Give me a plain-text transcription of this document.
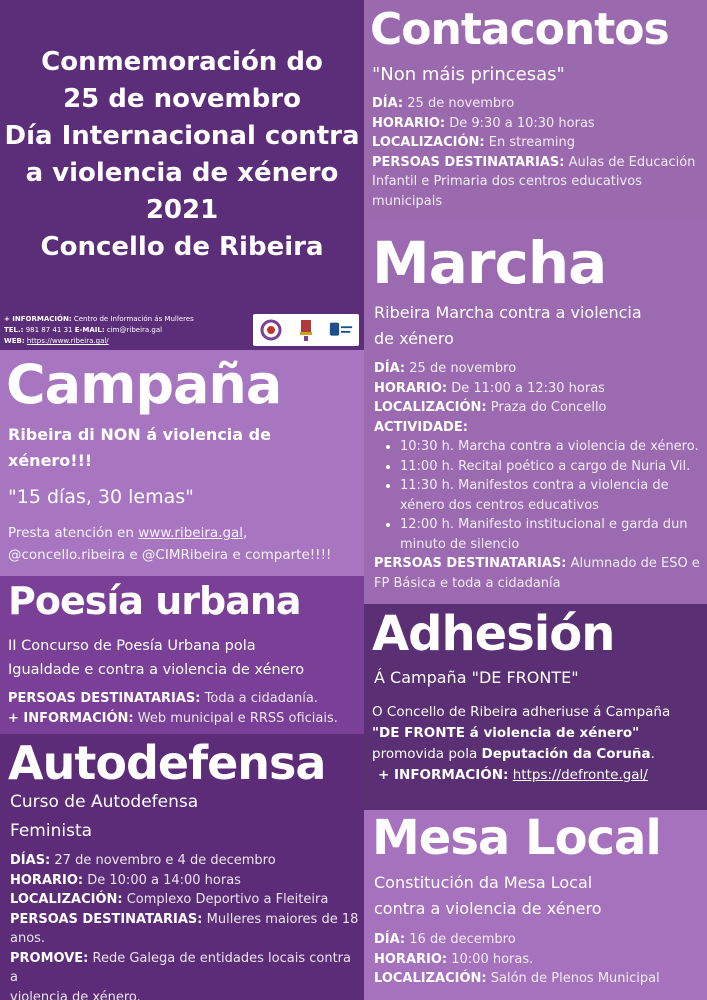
Conmemoración do
25 de novembro
Día Internacional contra
a violencia de xénero
2021
Concello de Ribeira
+ INFORMACIÓN: Centro de Información ás Mulleres
TEL.: 981 87 41 31 E-MAIL: cim@ribeira.gal
WEB: https://www.ribeira.gal/
Contacontos
"Non máis princesas"
DÍA: 25 de novembro
HORARIO: De 9:30 a 10:30 horas
LOCALIZACIÓN: En streaming
PERSOAS DESTINATARIAS: Aulas de Educación
Infantil e Primaria dos centros educativos
municipais
Marcha
Ribeira Marcha contra a violencia
de xénero
DÍA: 25 de novembro
HORARIO: De 11:00 a 12:30 horas
LOCALIZACIÓN: Praza do Concello
ACTIVIDADE:
• 10:30 h. Marcha contra a violencia de xénero.
• 11:00 h. Recital poético a cargo de Nuria Vil.
• 11:30 h. Manifestos contra a violencia de
xénero dos centros educativos
• 12:00 h. Manifesto institucional e garda dun
minuto de silencio
PERSOAS DESTINATARIAS: Alumnado de ESO e
FP Básica e toda a cidadanía
Campaña
Ribeira di NON á violencia de
xénero!!!
"15 días, 30 lemas"
Presta atención en www.ribeira.gal,
@concello.ribeira e @CIMRibeira e comparte!!!!
Poesía urbana
II Concurso de Poesía Urbana pola
Igualdade e contra a violencia de xénero
PERSOAS DESTINATARIAS: Toda a cidadanía.
+ INFORMACIÓN: Web municipal e RRSS oficiais.
Adhesión
Á Campaña "DE FRONTE"
O Concello de Ribeira adheriuse á Campaña
"DE FRONTE á violencia de xénero"
promovida pola Deputación da Coruña.
+ INFORMACIÓN: https://defronte.gal/
Autodefensa
Curso de Autodefensa
Feminista
DÍAS: 27 de novembro e 4 de decembro
HORARIO: De 10:00 a 14:00 horas
LOCALIZACIÓN: Complexo Deportivo a Fleiteira
PERSOAS DESTINATARIAS: Mulleres maiores de 18
anos.
PROMOVE: Rede Galega de entidades locais contra a
violencia de xénero.
Mesa Local
Constitución da Mesa Local
contra a violencia de xénero
DÍA: 16 de decembro
HORARIO: 10:00 horas.
LOCALIZACIÓN: Salón de Plenos Municipal
